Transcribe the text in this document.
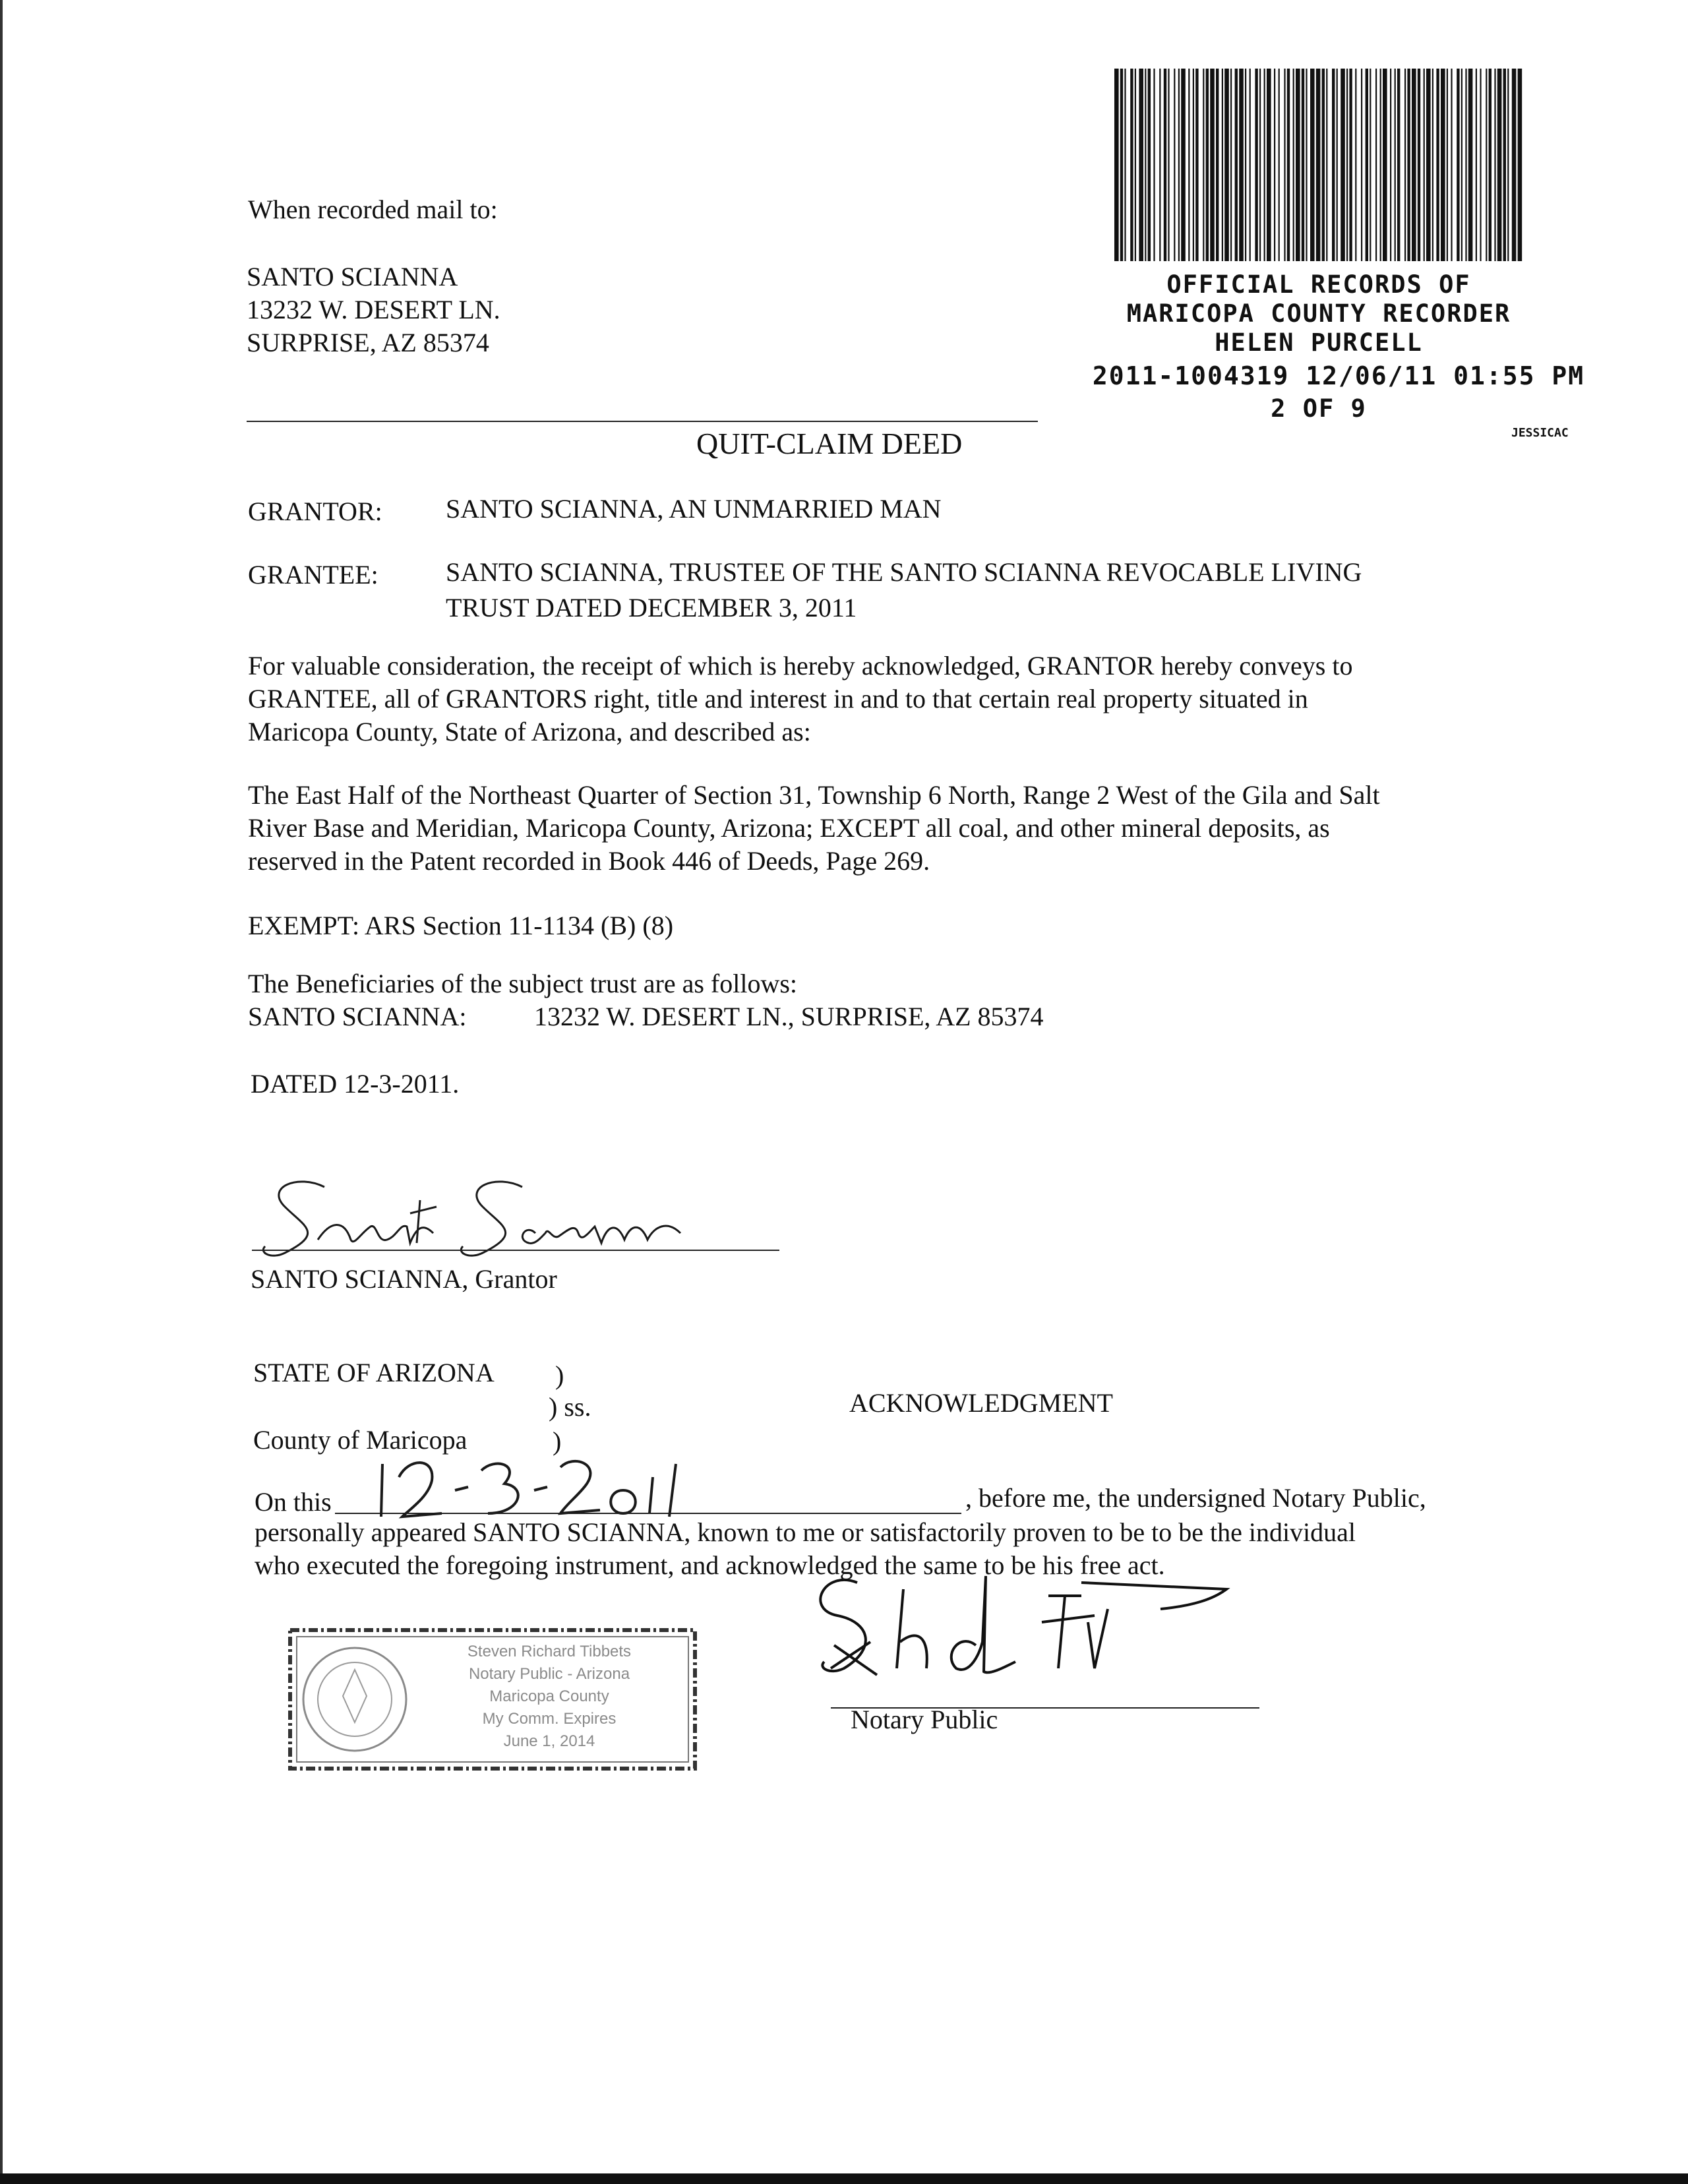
When recorded mail to:
SANTO SCIANNA
13232 W. DESERT LN.
SURPRISE, AZ 85374
OFFICIAL RECORDS OF
MARICOPA COUNTY RECORDER
HELEN PURCELL
2011-1004319 12/06/11 01:55 PM
2 OF 9
JESSICAC
QUIT-CLAIM DEED
GRANTOR: SANTO SCIANNA, AN UNMARRIED MAN
GRANTEE:	SANTO SCIANNA, TRUSTEE OF THE SANTO SCIANNA REVOCABLE LIVING
TRUST DATED DECEMBER 3, 2011
For valuable consideration, the receipt of which is hereby acknowledged, GRANTOR hereby conveys to
GRANTEE, all of GRANTORS right, title and interest in and to that certain real property situated in
Maricopa County, State of Arizona, and described as:
The East Half of the Northeast Quarter of Section 31, Township 6 North, Range 2 West of the Gila and Salt
River Base and Meridian, Maricopa County, Arizona; EXCEPT all coal, and other mineral deposits, as
reserved in the Patent recorded in Book 446 of Deeds, Page 269.
EXEMPT: ARS Section 11-1134 (B) (8)
The Beneficiaries of the subject trust are as follows:
SANTO SCIANNA:	13232 W. DESERT LN., SURPRISE, AZ 85374
DATED 12-3-2011.
SANTO SCIANNA, Grantor
STATE OF ARIZONA )
) ss.	ACKNOWLEDGMENT
County of Maricopa	)
On this	, before me, the undersigned Notary Public,
personally appeared SANTO SCIANNA, known to me or satisfactorily proven to be to be the individual
who executed the foregoing instrument, and acknowledged the same to be his free act.
Steven Richard Tibbets
Notary Public - Arizona
Maricopa County
My Comm. Expires
June 1, 2014
Notary Public
